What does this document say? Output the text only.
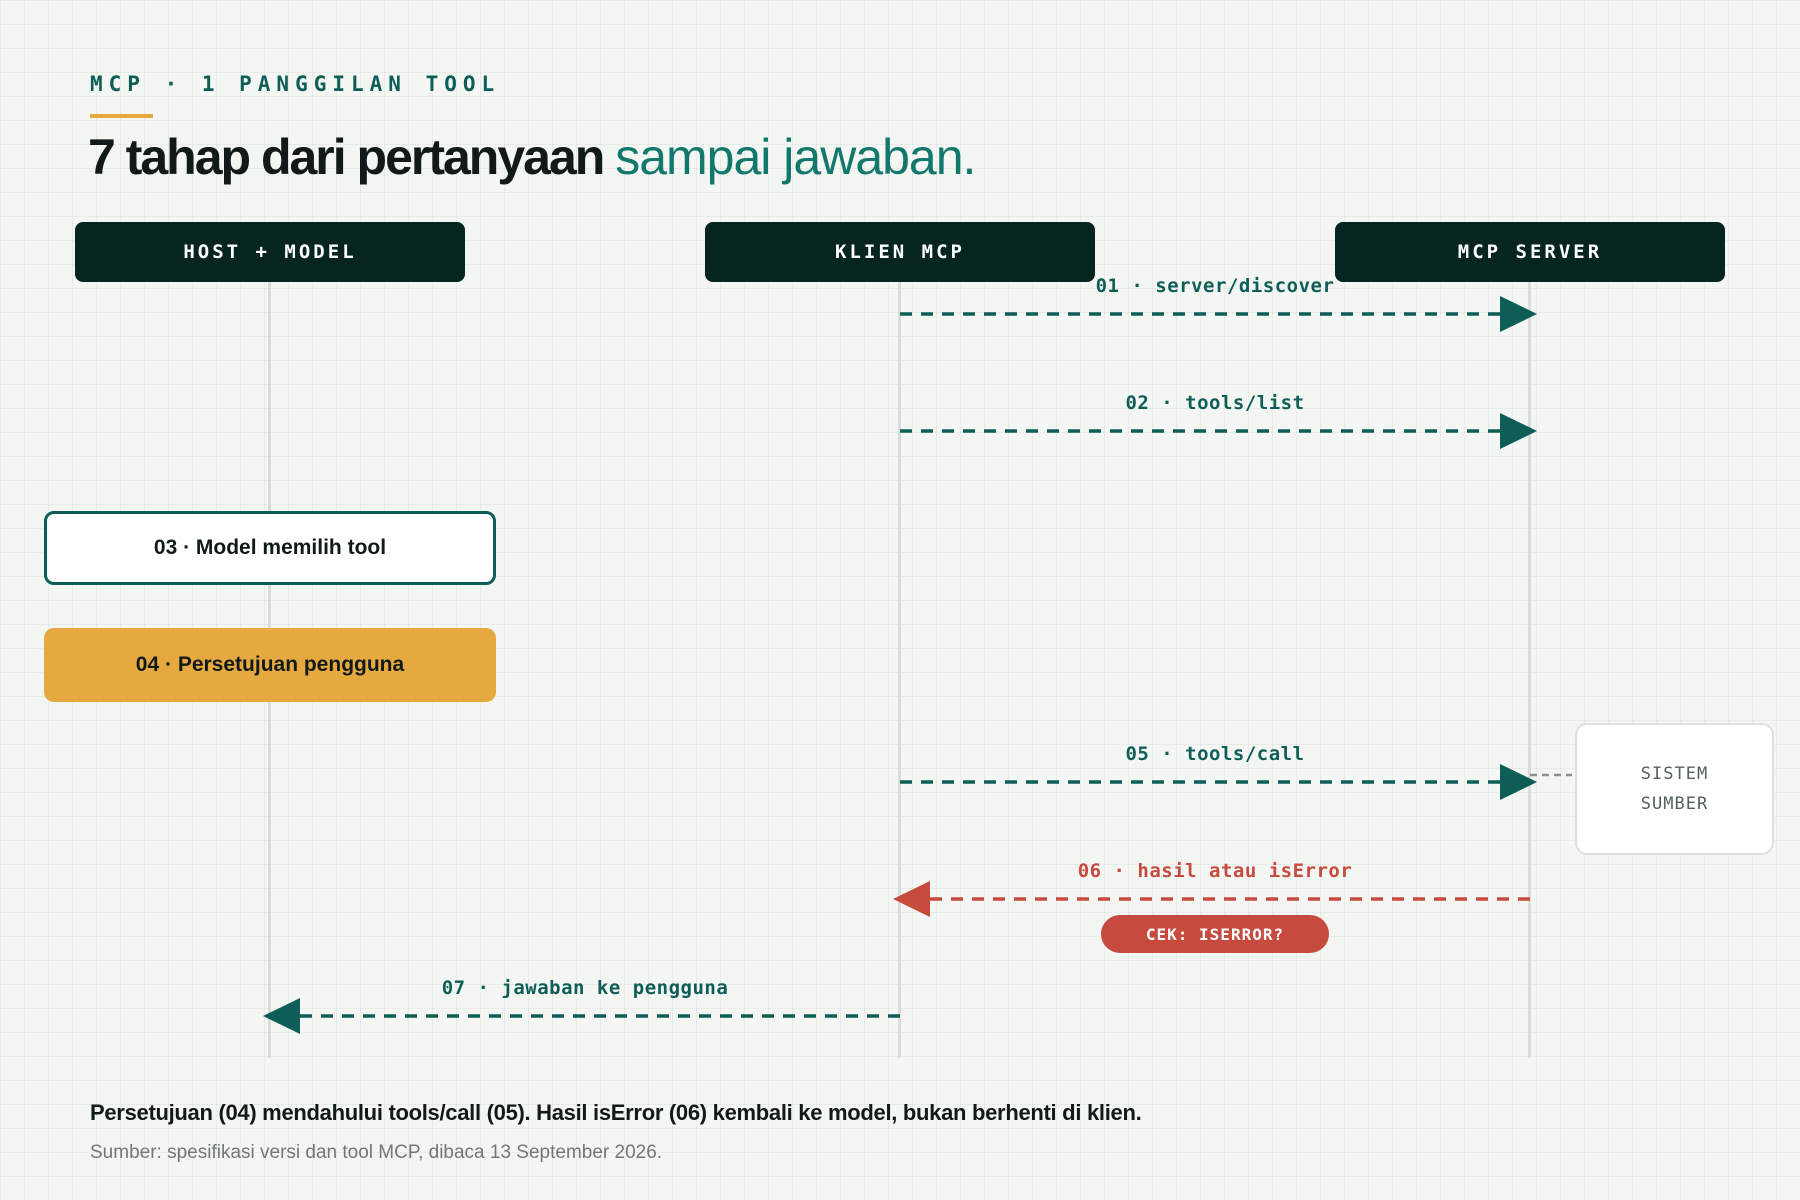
MCP · 1 PANGGILAN TOOL
7 tahap dari pertanyaan sampai jawaban.
HOST + MODEL	KLIEN MCP	MCP SERVER
01 · server/discover
02 · tools/list
03 · Model memilih tool
04 · Persetujuan pengguna
05 · tools/call
06 · hasil atau isError
CEK: ISERROR?
07 · jawaban ke pengguna
SISTEM
SUMBER
Persetujuan (04) mendahului tools/call (05). Hasil isError (06) kembali ke model, bukan berhenti di klien.
Sumber: spesifikasi versi dan tool MCP, dibaca 13 September 2026.
